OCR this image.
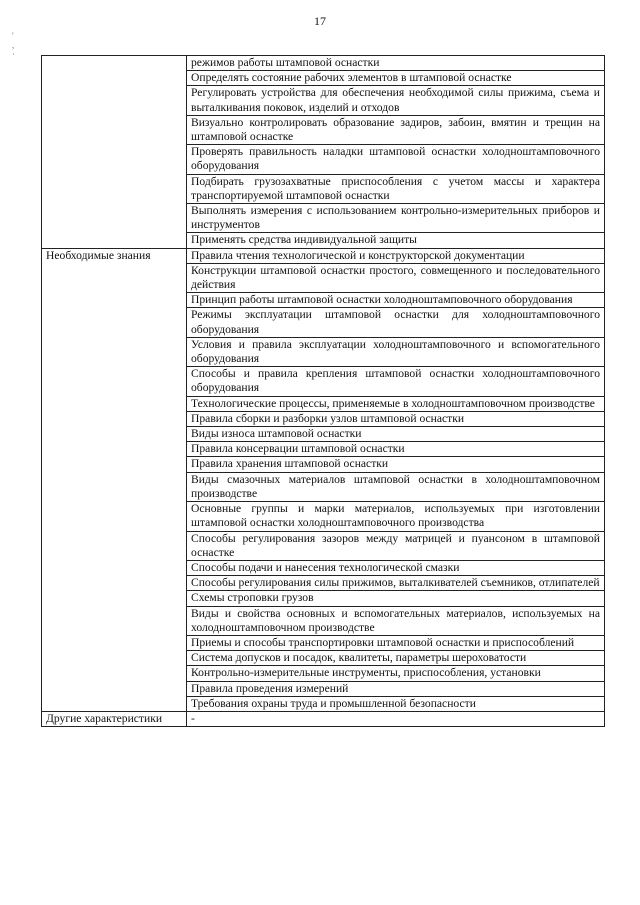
17
'
,
·
	режимов работы штамповой оснастки
	Определять состояние рабочих элементов в штамповой оснастке
	Регулировать устройства для обеспечения необходимой силы прижима, съема и выталкивания поковок, изделий и отходов
	Визуально контролировать образование задиров, забоин, вмятин и трещин на штамповой оснастке
	Проверять правильность наладки штамповой оснастки холодноштамповочного оборудования
	Подбирать грузозахватные приспособления с учетом массы и характера транспортируемой штамповой оснастки
	Выполнять измерения с использованием контрольно-измерительных приборов и инструментов
	Применять средства индивидуальной защиты
Необходимые знания	Правила чтения технологической и конструкторской документации
	Конструкции штамповой оснастки простого, совмещенного и последовательного действия
	Принцип работы штамповой оснастки холодноштамповочного оборудования
	Режимы эксплуатации штамповой оснастки для холодноштамповочного оборудования
	Условия и правила эксплуатации холодноштамповочного и вспомогательного оборудования
	Способы и правила крепления штамповой оснастки холодноштамповочного оборудования
	Технологические процессы, применяемые в холодноштамповочном производстве
	Правила сборки и разборки узлов штамповой оснастки
	Виды износа штамповой оснастки
	Правила консервации штамповой оснастки
	Правила хранения штамповой оснастки
	Виды смазочных материалов штамповой оснастки в холодноштамповочном производстве
	Основные группы и марки материалов, используемых при изготовлении штамповой оснастки холодноштамповочного производства
	Способы регулирования зазоров между матрицей и пуансоном в штамповой оснастке
	Способы подачи и нанесения технологической смазки
	Способы регулирования силы прижимов, выталкивателей съемников, отлипателей
	Схемы строповки грузов
	Виды и свойства основных и вспомогательных материалов, используемых на холодноштамповочном производстве
	Приемы и способы транспортировки штамповой оснастки и приспособлений
	Система допусков и посадок, квалитеты, параметры шероховатости
	Контрольно-измерительные инструменты, приспособления, установки
	Правила проведения измерений
	Требования охраны труда и промышленной безопасности
Другие характеристики	-
